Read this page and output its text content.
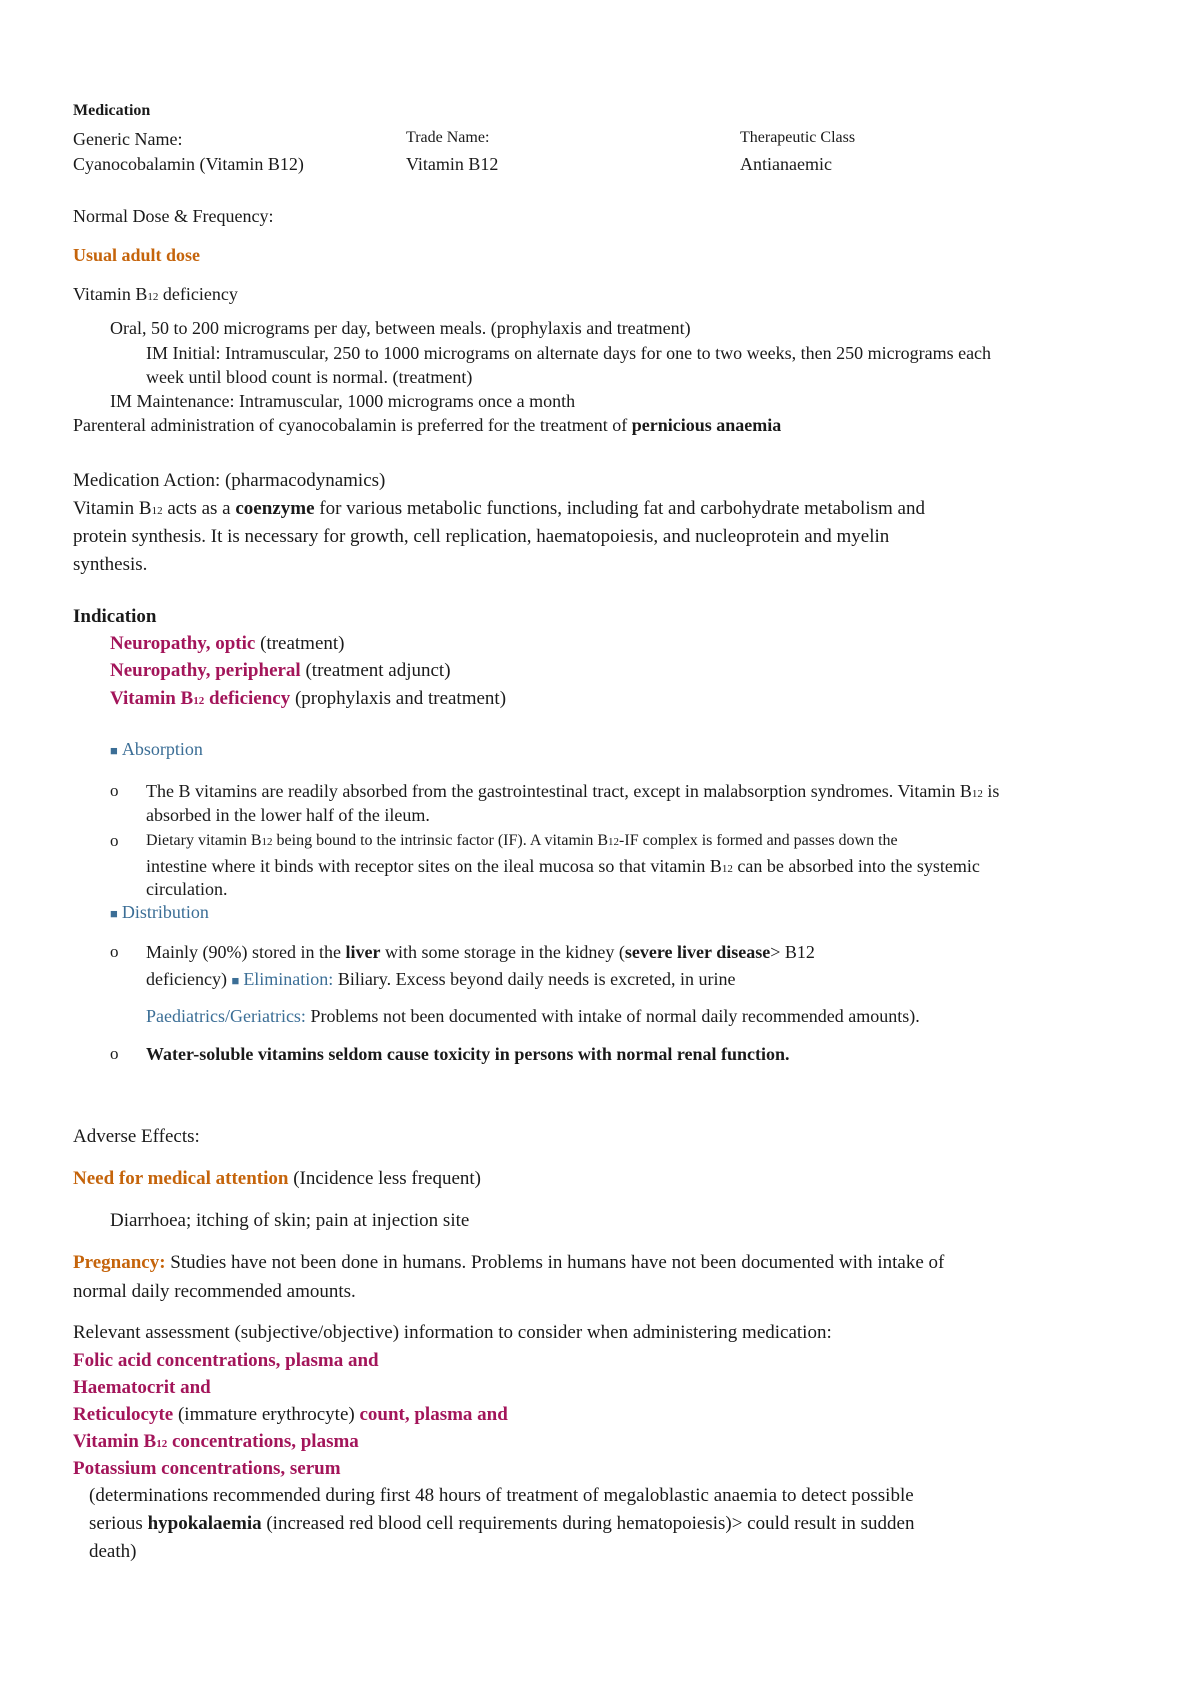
Medication
Generic Name:
Cyanocobalamin (Vitamin B12)
Trade Name:
Vitamin B12
Therapeutic Class
Antianaemic
Normal Dose & Frequency:
Usual adult dose
Vitamin B12 deficiency
Oral, 50 to 200 micrograms per day, between meals. (prophylaxis and treatment)
IM Initial: Intramuscular, 250 to 1000 micrograms on alternate days for one to two weeks, then 250 micrograms each
week until blood count is normal. (treatment)
IM Maintenance: Intramuscular, 1000 micrograms once a month
Parenteral administration of cyanocobalamin is preferred for the treatment of pernicious anaemia
Medication Action: (pharmacodynamics)
Vitamin B12 acts as a coenzyme for various metabolic functions, including fat and carbohydrate metabolism and
protein synthesis. It is necessary for growth, cell replication, haematopoiesis, and nucleoprotein and myelin
synthesis.
Indication
Neuropathy, optic (treatment)
Neuropathy, peripheral (treatment adjunct)
Vitamin B12 deficiency (prophylaxis and treatment)
■ Absorption
o The B vitamins are readily absorbed from the gastrointestinal tract, except in malabsorption syndromes. Vitamin B12 is
absorbed in the lower half of the ileum.
o Dietary vitamin B12 being bound to the intrinsic factor (IF). A vitamin B12-IF complex is formed and passes down the
intestine where it binds with receptor sites on the ileal mucosa so that vitamin B12 can be absorbed into the systemic
circulation.
■ Distribution
o Mainly (90%) stored in the liver with some storage in the kidney (severe liver disease> B12
deficiency) ■ Elimination: Biliary. Excess beyond daily needs is excreted, in urine
Paediatrics/Geriatrics: Problems not been documented with intake of normal daily recommended amounts).
o Water-soluble vitamins seldom cause toxicity in persons with normal renal function.
Adverse Effects:
Need for medical attention (Incidence less frequent)
Diarrhoea; itching of skin; pain at injection site
Pregnancy: Studies have not been done in humans. Problems in humans have not been documented with intake of
normal daily recommended amounts.
Relevant assessment (subjective/objective) information to consider when administering medication:
Folic acid concentrations, plasma and
Haematocrit and
Reticulocyte (immature erythrocyte) count, plasma and
Vitamin B12 concentrations, plasma
Potassium concentrations, serum
(determinations recommended during first 48 hours of treatment of megaloblastic anaemia to detect possible
serious hypokalaemia (increased red blood cell requirements during hematopoiesis)> could result in sudden
death)
